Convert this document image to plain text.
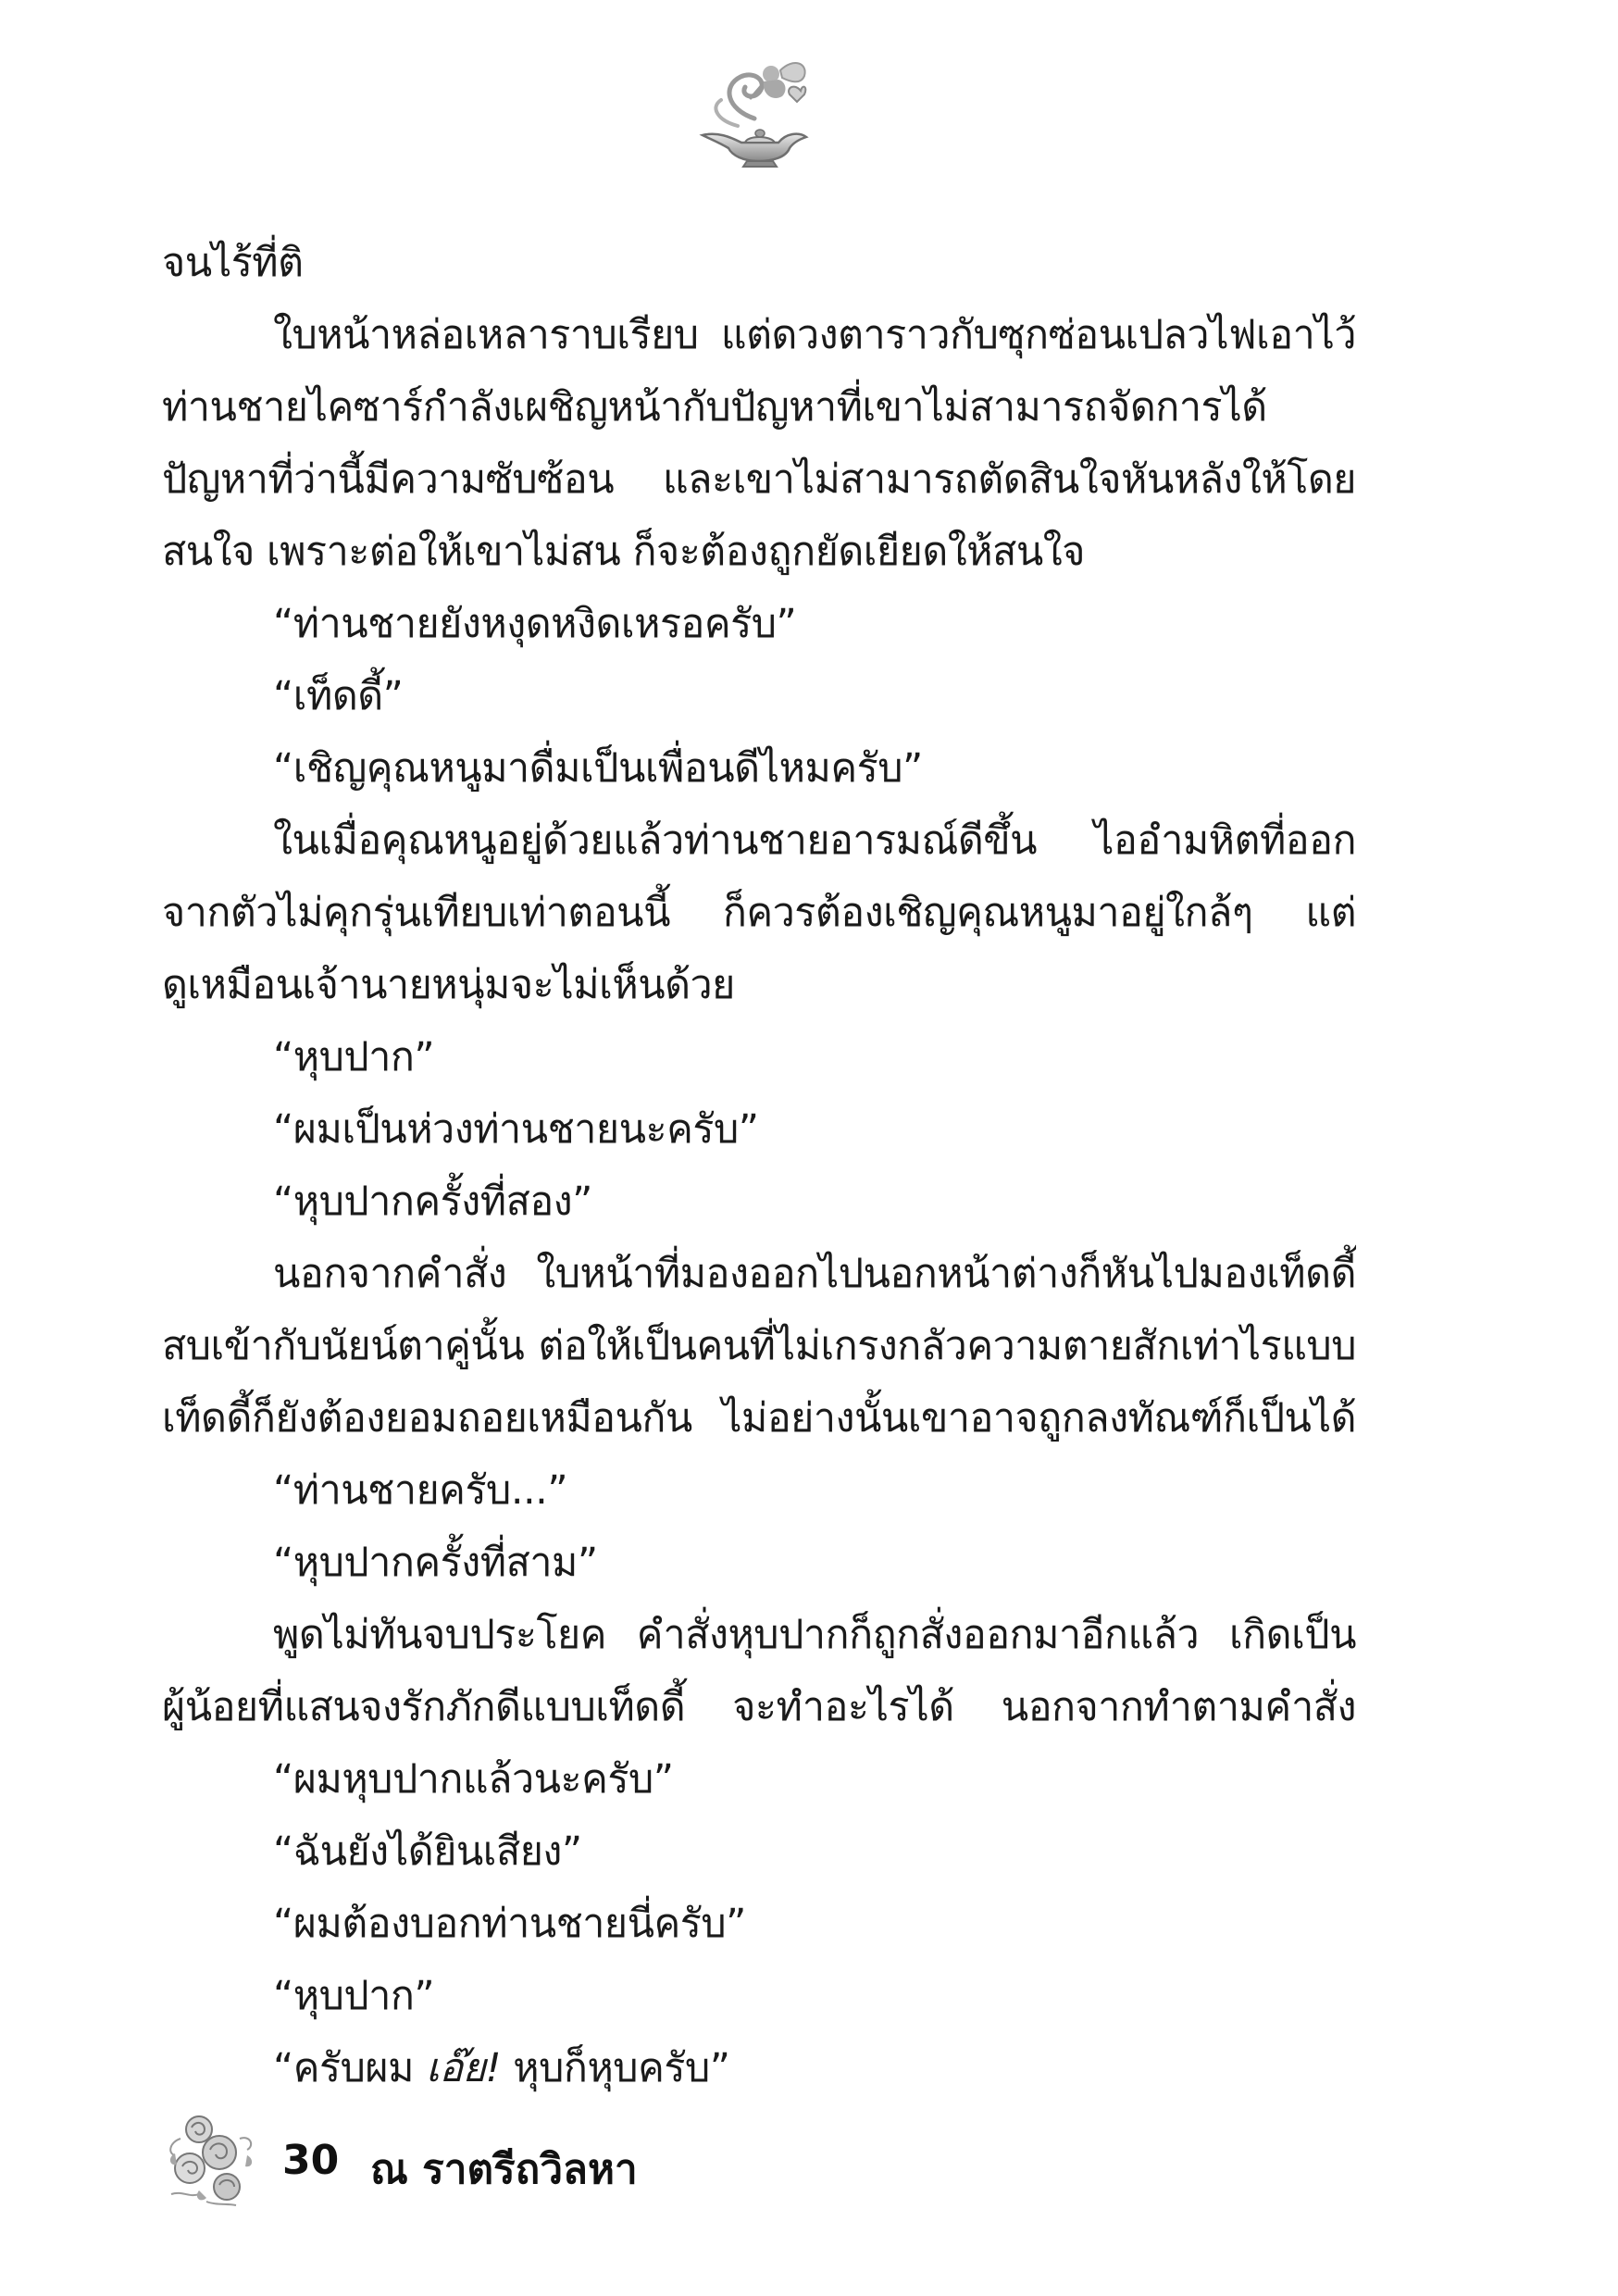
จนไร้ที่ติ
ใบหน้าหล่อเหลาราบเรียบ แต่ดวงตาราวกับซุกซ่อนเปลวไฟเอาไว้
ท่านชายไคซาร์กำลังเผชิญหน้ากับปัญหาที่เขาไม่สามารถจัดการได้
ปัญหาที่ว่านี้มีความซับซ้อน และเขาไม่สามารถตัดสินใจหันหลังให้โดย
สนใจ เพราะต่อให้เขาไม่สน ก็จะต้องถูกยัดเยียดให้สนใจ
“ท่านชายยังหงุดหงิดเหรอครับ”
“เท็ดดี้”
“เชิญคุณหนูมาดื่มเป็นเพื่อนดีไหมครับ”
ในเมื่อคุณหนูอยู่ด้วยแล้วท่านชายอารมณ์ดีขึ้น ไออำมหิตที่ออก
จากตัวไม่คุกรุ่นเทียบเท่าตอนนี้ ก็ควรต้องเชิญคุณหนูมาอยู่ใกล้ๆ แต่
ดูเหมือนเจ้านายหนุ่มจะไม่เห็นด้วย
“หุบปาก”
“ผมเป็นห่วงท่านชายนะครับ”
“หุบปากครั้งที่สอง”
นอกจากคำสั่ง ใบหน้าที่มองออกไปนอกหน้าต่างก็หันไปมองเท็ดดี้
สบเข้ากับนัยน์ตาคู่นั้น ต่อให้เป็นคนที่ไม่เกรงกลัวความตายสักเท่าไรแบบ
เท็ดดี้ก็ยังต้องยอมถอยเหมือนกัน ไม่อย่างนั้นเขาอาจถูกลงทัณฑ์ก็เป็นได้
“ท่านชายครับ...”
“หุบปากครั้งที่สาม”
พูดไม่ทันจบประโยค คำสั่งหุบปากก็ถูกสั่งออกมาอีกแล้ว เกิดเป็น
ผู้น้อยที่แสนจงรักภักดีแบบเท็ดดี้ จะทำอะไรได้ นอกจากทำตามคำสั่ง
“ผมหุบปากแล้วนะครับ”
“ฉันยังได้ยินเสียง”
“ผมต้องบอกท่านชายนี่ครับ”
“หุบปาก”
“ครับผม เอ๊ย! หุบก็หุบครับ”
30 ณ ราตรีถวิลหา
